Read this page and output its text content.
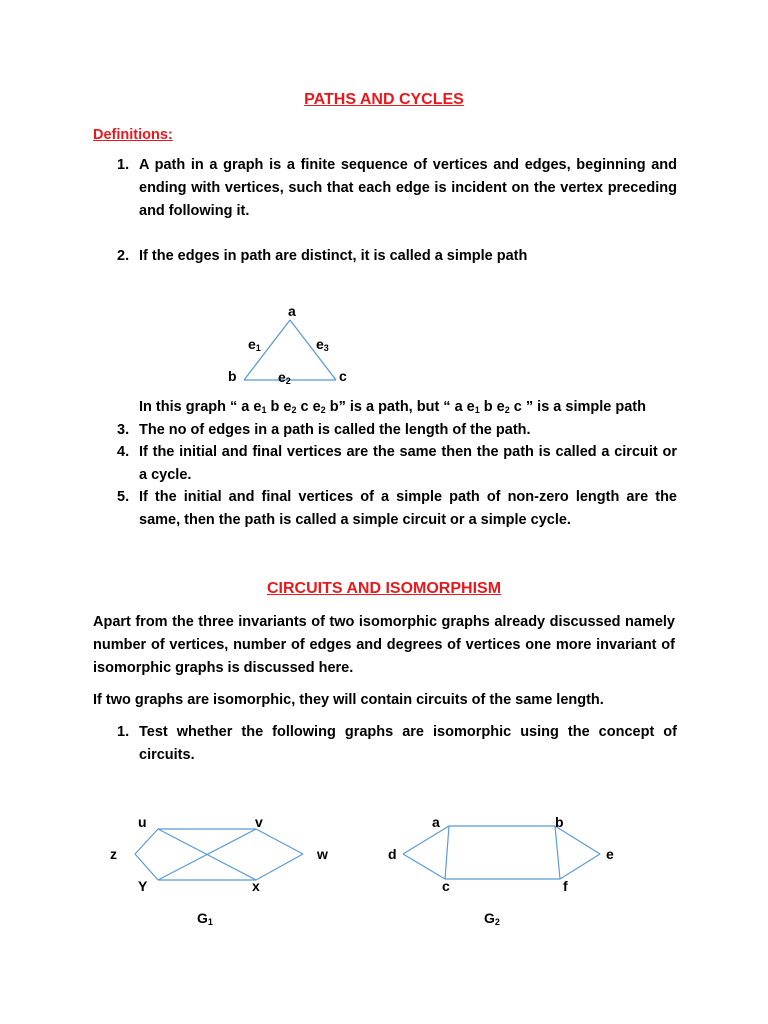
PATHS AND CYCLES
Definitions:
1. A path in a graph is a finite sequence of vertices and edges, beginning and ending with vertices, such that each edge is incident on the vertex preceding and following it.
2. If the edges in path are distinct, it is called a simple path
a
b	c
$e_1$
$e_2$
$e_3$
In this graph “ a $e_1$ b $e_2$ c $e_2$ b” is a path, but “ a $e_1$ b $e_2$ c ” is a simple path
3. The no of edges in a path is called the length of the path.
4. If the initial and final vertices are the same then the path is called a circuit or a cycle.
5. If the initial and final vertices of a simple path of non-zero length are the same, then the path is called a simple circuit or a simple cycle.
CIRCUITS AND ISOMORPHISM
Apart from the three invariants of two isomorphic graphs already discussed namely number of vertices, number of edges and degrees of vertices one more invariant of isomorphic graphs is discussed here.
If two graphs are isomorphic, they will contain circuits of the same length.
1. Test whether the following graphs are isomorphic using the concept of circuits.
u	v
z	w
Y	x
$G_1$
a	b
d	e
c	f
$G_2$
